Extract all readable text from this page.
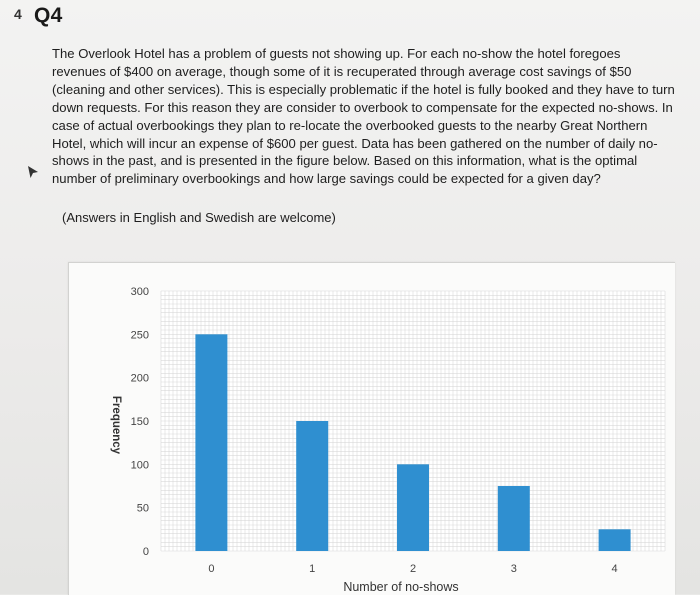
4 Q4

The Overlook Hotel has a problem of guests not showing up. For each no-show the hotel foregoes revenues of $400 on average, though some of it is recuperated through average cost savings of $50 (cleaning and other services). This is especially problematic if the hotel is fully booked and they have to turn down requests. For this reason they are consider to overbook to compensate for the expected no-shows. In case of actual overbookings they plan to re-locate the overbooked guests to the nearby Great Northern Hotel, which will incur an expense of $600 per guest. Data has been gathered on the number of daily no-shows in the past, and is presented in the figure below. Based on this information, what is the optimal number of preliminary overbookings and how large savings could be expected for a given day?

(Answers in English and Swedish are welcome)

0
50
100
150
200
250
300
0	1	2	3	4
Number of no-shows
Frequency
